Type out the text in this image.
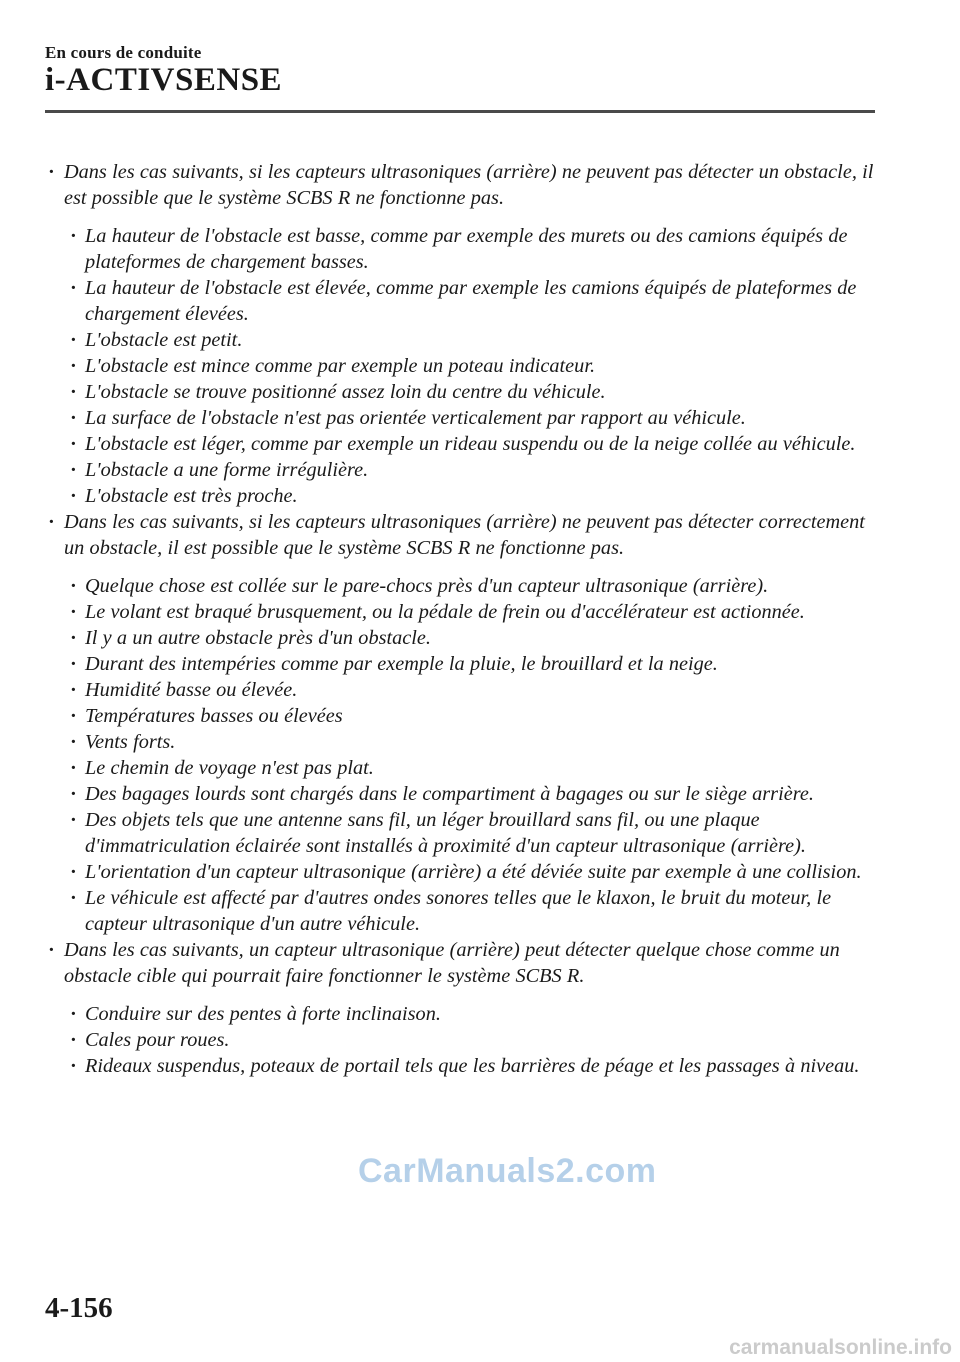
En cours de conduite
i-ACTIVSENSE
· Dans les cas suivants, si les capteurs ultrasoniques (arrière) ne peuvent pas détecter un obstacle, il est possible que le système SCBS R ne fonctionne pas.
· La hauteur de l'obstacle est basse, comme par exemple des murets ou des camions équipés de plateformes de chargement basses.
· La hauteur de l'obstacle est élevée, comme par exemple les camions équipés de plateformes de chargement élevées.
· L'obstacle est petit.
· L'obstacle est mince comme par exemple un poteau indicateur.
· L'obstacle se trouve positionné assez loin du centre du véhicule.
· La surface de l'obstacle n'est pas orientée verticalement par rapport au véhicule.
· L'obstacle est léger, comme par exemple un rideau suspendu ou de la neige collée au véhicule.
· L'obstacle a une forme irrégulière.
· L'obstacle est très proche.
· Dans les cas suivants, si les capteurs ultrasoniques (arrière) ne peuvent pas détecter correctement un obstacle, il est possible que le système SCBS R ne fonctionne pas.
· Quelque chose est collée sur le pare-chocs près d'un capteur ultrasonique (arrière).
· Le volant est braqué brusquement, ou la pédale de frein ou d'accélérateur est actionnée.
· Il y a un autre obstacle près d'un obstacle.
· Durant des intempéries comme par exemple la pluie, le brouillard et la neige.
· Humidité basse ou élevée.
· Températures basses ou élevées
· Vents forts.
· Le chemin de voyage n'est pas plat.
· Des bagages lourds sont chargés dans le compartiment à bagages ou sur le siège arrière.
· Des objets tels que une antenne sans fil, un léger brouillard sans fil, ou une plaque d'immatriculation éclairée sont installés à proximité d'un capteur ultrasonique (arrière).
· L'orientation d'un capteur ultrasonique (arrière) a été déviée suite par exemple à une collision.
· Le véhicule est affecté par d'autres ondes sonores telles que le klaxon, le bruit du moteur, le capteur ultrasonique d'un autre véhicule.
· Dans les cas suivants, un capteur ultrasonique (arrière) peut détecter quelque chose comme un obstacle cible qui pourrait faire fonctionner le système SCBS R.
· Conduire sur des pentes à forte inclinaison.
· Cales pour roues.
· Rideaux suspendus, poteaux de portail tels que les barrières de péage et les passages à niveau.
CarManuals2.com
4-156
carmanualsonline.info
